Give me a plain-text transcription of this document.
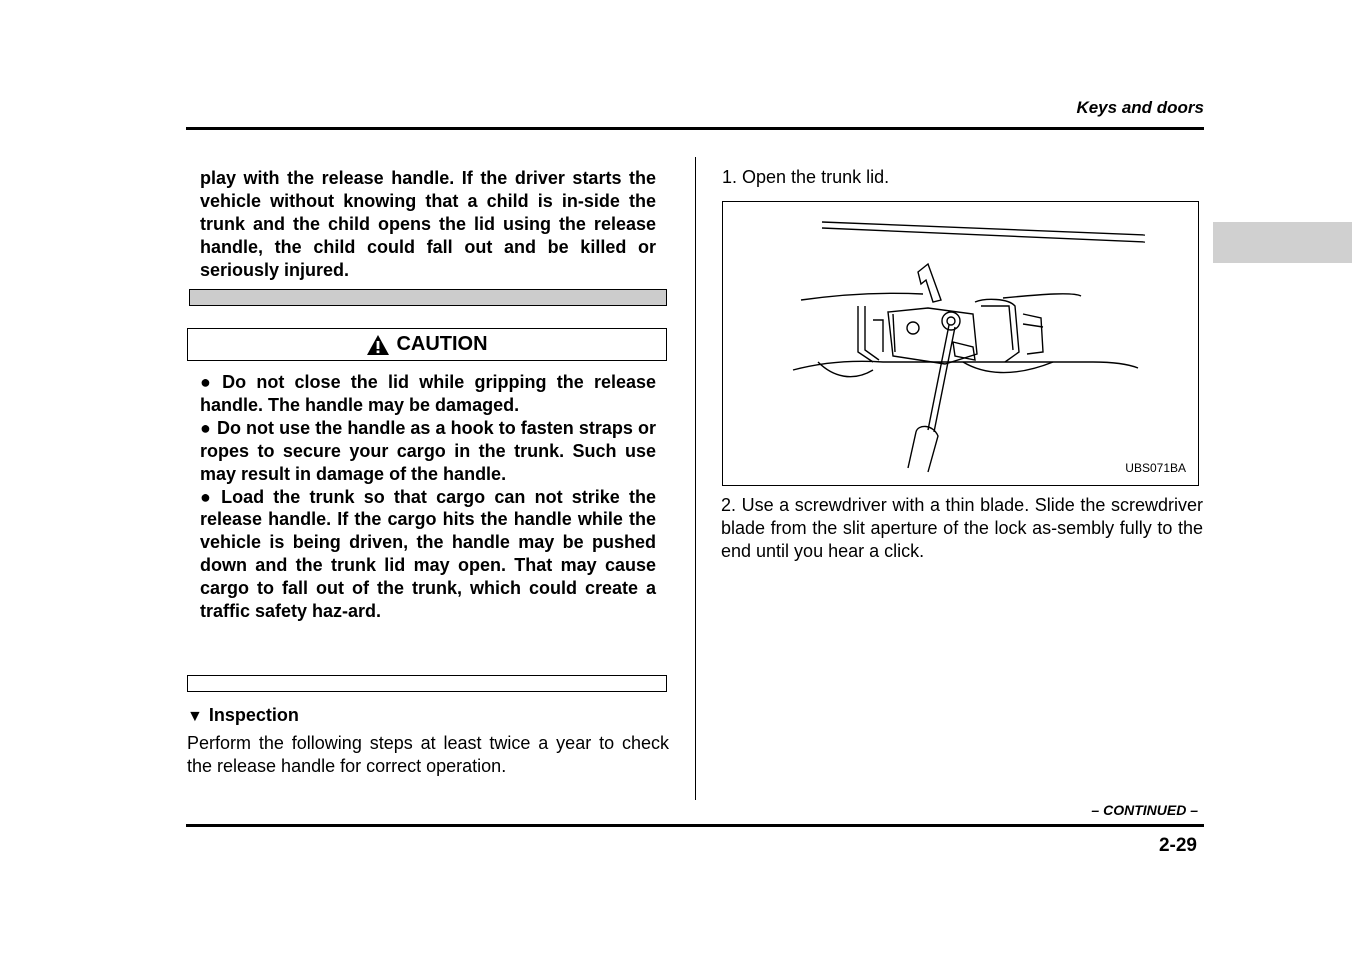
Keys and doors
play with the release handle. If the driver starts the vehicle without knowing that a child is in-side the trunk and the child opens the lid using the release handle, the child could fall out and be killed or seriously injured.
CAUTION

● Do not close the lid while gripping the release handle. The handle may be damaged.

● Do not use the handle as a hook to fasten straps or ropes to secure your cargo in the trunk. Such use may result in damage of the handle.

● Load the trunk so that cargo can not strike the release handle. If the cargo hits the handle while the vehicle is being driven, the handle may be pushed down and the trunk lid may open. That may cause cargo to fall out of the trunk, which could create a traffic safety haz-ard.

▼ Inspection
Perform the following steps at least twice a year to check the release handle for correct operation.
1. Open the trunk lid.
UBS071BA
2. Use a screwdriver with a thin blade. Slide the screwdriver blade from the slit aperture of the lock as-sembly fully to the end until you hear a click.
– CONTINUED –
2-29
